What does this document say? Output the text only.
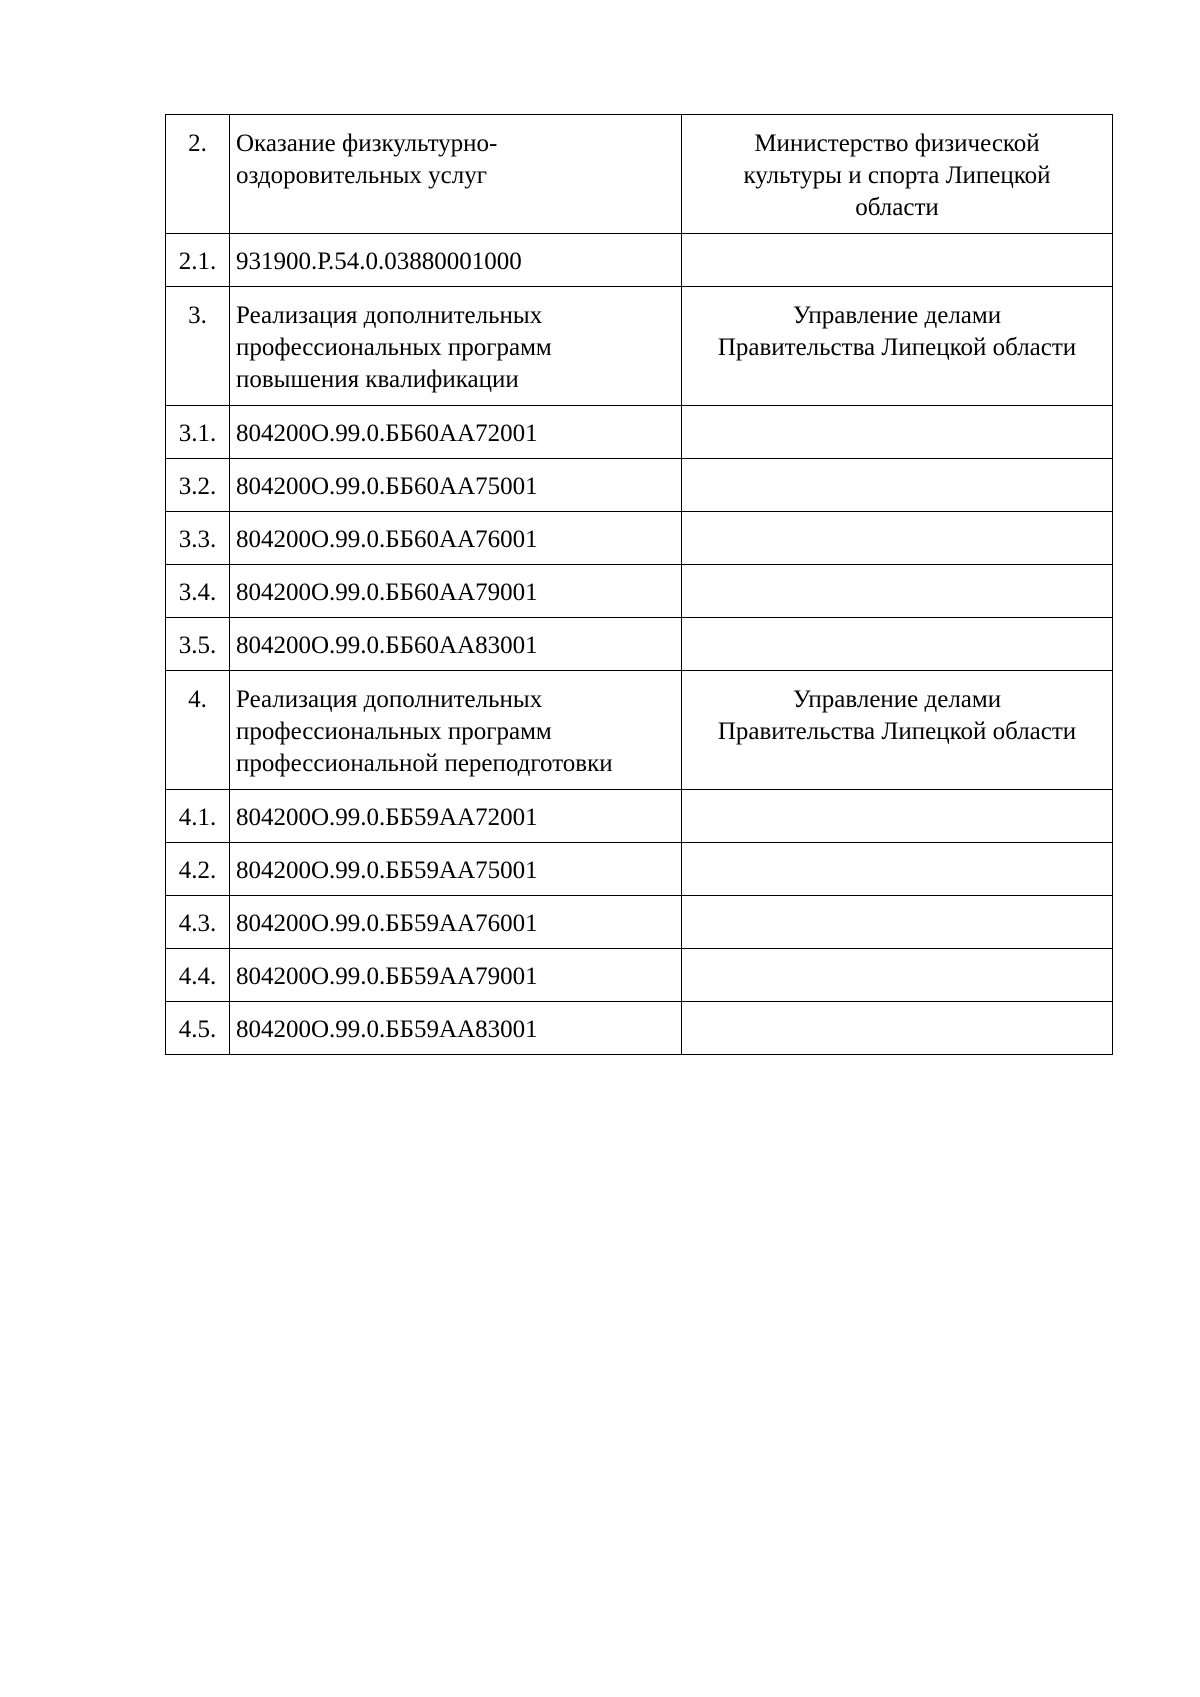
2.	Оказание физкультурно-
оздоровительных услуг	Министерство физической
культуры и спорта Липецкой
области

2.1.	931900.Р.54.0.03880001000	
3.	Реализация дополнительных
профессиональных программ
повышения квалификации	Управление делами
Правительства Липецкой области

3.1.	804200О.99.0.ББ60АА72001	
3.2.	804200О.99.0.ББ60АА75001	
3.3.	804200О.99.0.ББ60АА76001	
3.4.	804200О.99.0.ББ60АА79001	
3.5.	804200О.99.0.ББ60АА83001	
4.	Реализация дополнительных
профессиональных программ
профессиональной переподготовки	Управление делами
Правительства Липецкой области

4.1.	804200О.99.0.ББ59АА72001	
4.2.	804200О.99.0.ББ59АА75001	
4.3.	804200О.99.0.ББ59АА76001	
4.4.	804200О.99.0.ББ59АА79001	
4.5.	804200О.99.0.ББ59АА83001	
